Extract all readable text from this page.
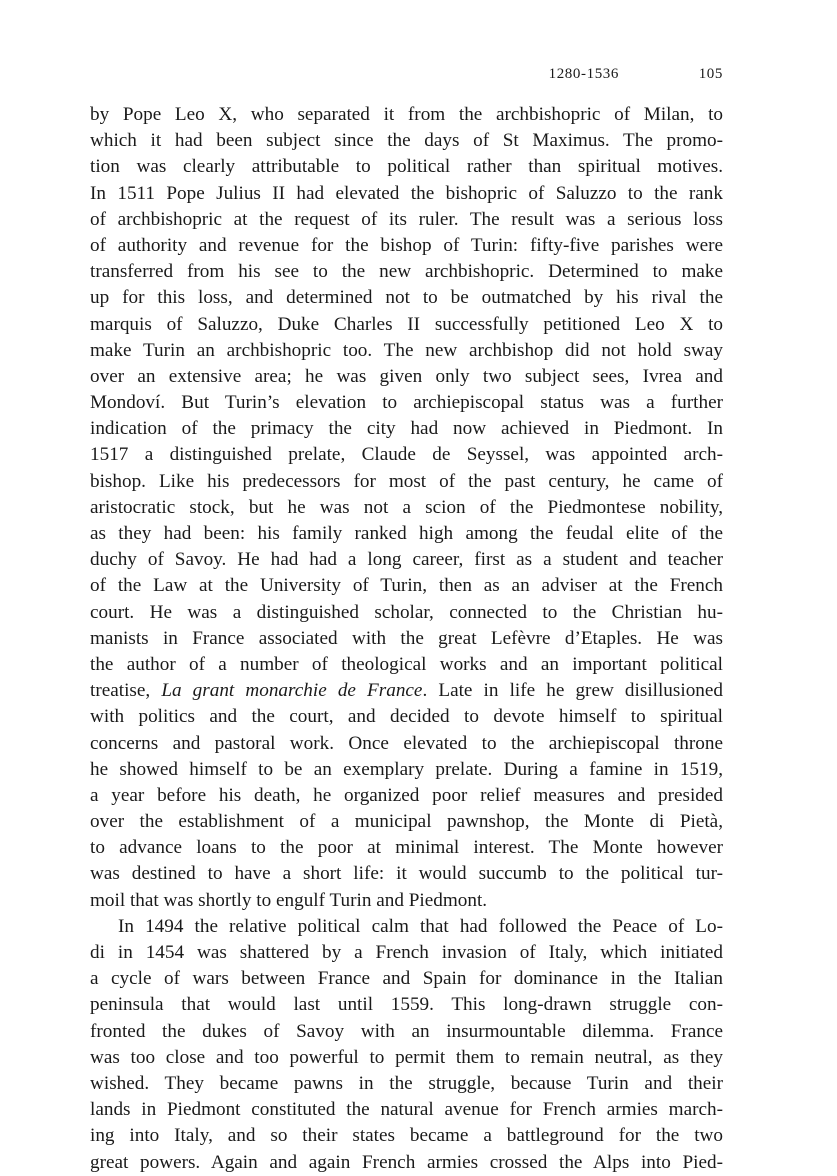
1280-1536	105
by Pope Leo X, who separated it from the archbishopric of Milan, to
which it had been subject since the days of St Maximus. The promo-
tion was clearly attributable to political rather than spiritual motives.
In 1511 Pope Julius II had elevated the bishopric of Saluzzo to the rank
of archbishopric at the request of its ruler. The result was a serious loss
of authority and revenue for the bishop of Turin: fifty-five parishes were
transferred from his see to the new archbishopric. Determined to make
up for this loss, and determined not to be outmatched by his rival the
marquis of Saluzzo, Duke Charles II successfully petitioned Leo X to
make Turin an archbishopric too. The new archbishop did not hold sway
over an extensive area; he was given only two subject sees, Ivrea and
Mondoví. But Turin’s elevation to archiepiscopal status was a further
indication of the primacy the city had now achieved in Piedmont. In
1517 a distinguished prelate, Claude de Seyssel, was appointed arch-
bishop. Like his predecessors for most of the past century, he came of
aristocratic stock, but he was not a scion of the Piedmontese nobility,
as they had been: his family ranked high among the feudal elite of the
duchy of Savoy. He had had a long career, first as a student and teacher
of the Law at the University of Turin, then as an adviser at the French
court. He was a distinguished scholar, connected to the Christian hu-
manists in France associated with the great Lefèvre d’Etaples. He was
the author of a number of theological works and an important political
treatise, La grant monarchie de France. Late in life he grew disillusioned
with politics and the court, and decided to devote himself to spiritual
concerns and pastoral work. Once elevated to the archiepiscopal throne
he showed himself to be an exemplary prelate. During a famine in 1519,
a year before his death, he organized poor relief measures and presided
over the establishment of a municipal pawnshop, the Monte di Pietà,
to advance loans to the poor at minimal interest. The Monte however
was destined to have a short life: it would succumb to the political tur-
moil that was shortly to engulf Turin and Piedmont.
In 1494 the relative political calm that had followed the Peace of Lo-
di in 1454 was shattered by a French invasion of Italy, which initiated
a cycle of wars between France and Spain for dominance in the Italian
peninsula that would last until 1559. This long-drawn struggle con-
fronted the dukes of Savoy with an insurmountable dilemma. France
was too close and too powerful to permit them to remain neutral, as they
wished. They became pawns in the struggle, because Turin and their
lands in Piedmont constituted the natural avenue for French armies march-
ing into Italy, and so their states became a battleground for the two
great powers. Again and again French armies crossed the Alps into Pied-
